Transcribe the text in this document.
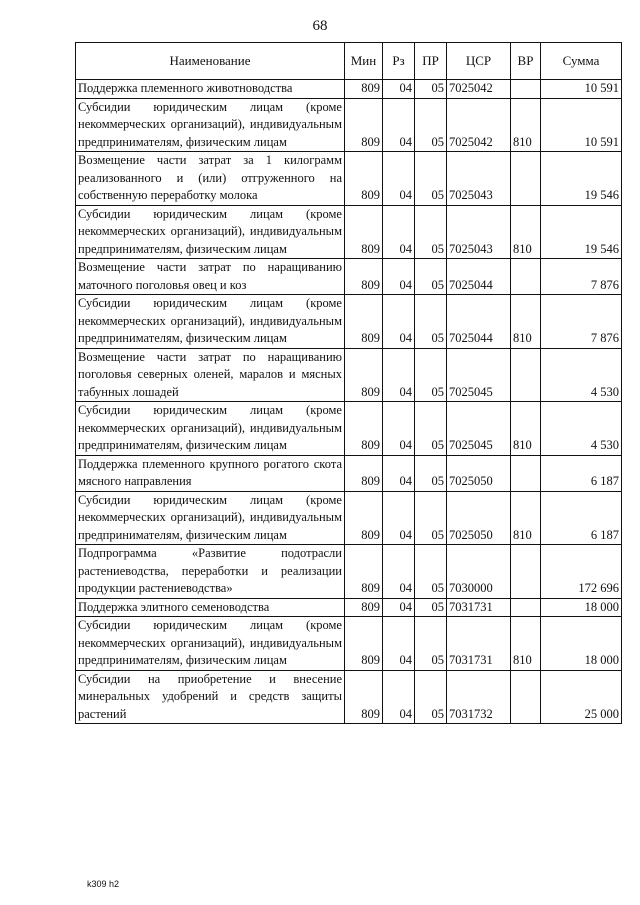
68
Наименование	Мин	Рз	ПР	ЦСР	ВР	Сумма
Поддержка племенного животноводства	809	04	05	7025042		10 591
Субсидии юридическим лицам (кроме некоммерческих организаций), индивидуальным предпринимателям, физическим лицам	809	04	05	7025042	810	10 591
Возмещение части затрат за 1 килограмм реализованного и (или) отгруженного на собственную переработку молока	809	04	05	7025043		19 546
Субсидии юридическим лицам (кроме некоммерческих организаций), индивидуальным предпринимателям, физическим лицам	809	04	05	7025043	810	19 546
Возмещение части затрат по наращиванию маточного поголовья овец и коз	809	04	05	7025044		7 876
Субсидии юридическим лицам (кроме некоммерческих организаций), индивидуальным предпринимателям, физическим лицам	809	04	05	7025044	810	7 876
Возмещение части затрат по наращиванию поголовья северных оленей, маралов и мясных табунных лошадей	809	04	05	7025045		4 530
Субсидии юридическим лицам (кроме некоммерческих организаций), индивидуальным предпринимателям, физическим лицам	809	04	05	7025045	810	4 530
Поддержка племенного крупного рогатого скота мясного направления	809	04	05	7025050		6 187
Субсидии юридическим лицам (кроме некоммерческих организаций), индивидуальным предпринимателям, физическим лицам	809	04	05	7025050	810	6 187
Подпрограмма «Развитие подотрасли растениеводства, переработки и реализации продукции растениеводства»	809	04	05	7030000		172 696
Поддержка элитного семеноводства	809	04	05	7031731		18 000
Субсидии юридическим лицам (кроме некоммерческих организаций), индивидуальным предпринимателям, физическим лицам	809	04	05	7031731	810	18 000
Субсидии на приобретение и внесение минеральных удобрений и средств защиты растений	809	04	05	7031732		25 000
k309 h2
